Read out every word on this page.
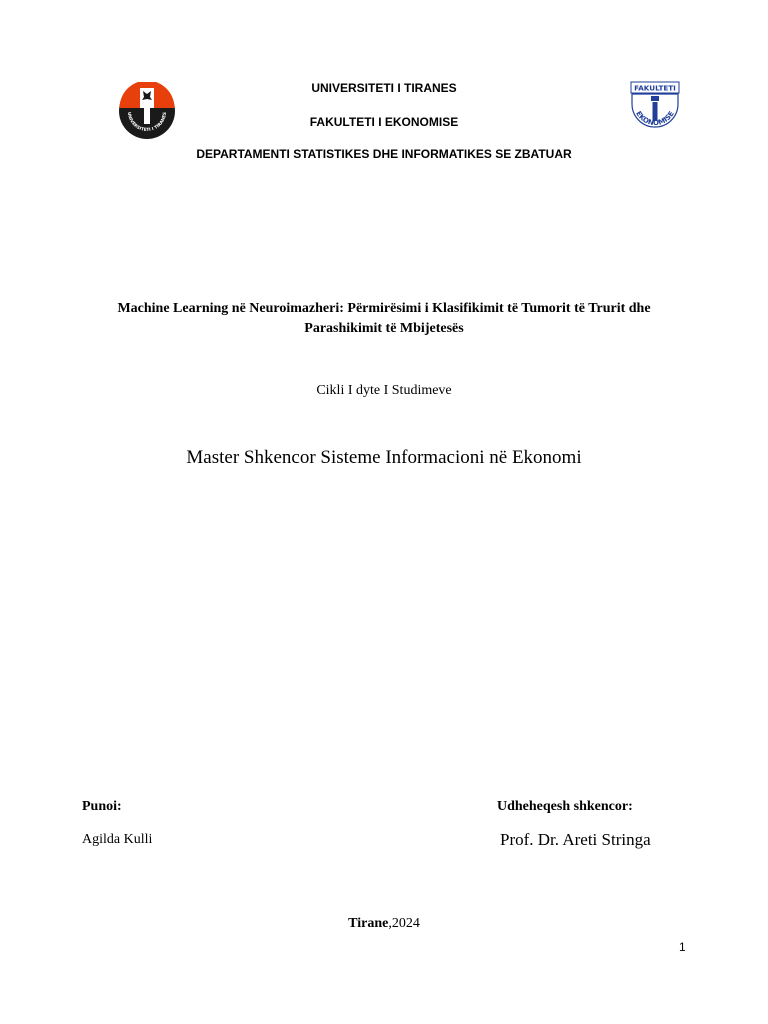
UNIVERSITETI I TIRANES
FAKULTETI
EKONOMISE
UNIVERSITETI I TIRANES
FAKULTETI I EKONOMISE
DEPARTAMENTI STATISTIKES DHE INFORMATIKES SE ZBATUAR
Machine Learning në Neuroimazheri: Përmirësimi i Klasifikimit të Tumorit të Trurit dhe
Parashikimit të Mbijetesës
Cikli I dyte I Studimeve
Master Shkencor Sisteme Informacioni në Ekonomi
Punoi:
Agilda Kulli
Udheheqesh shkencor:
Prof. Dr. Areti Stringa
Tirane,2024
1
